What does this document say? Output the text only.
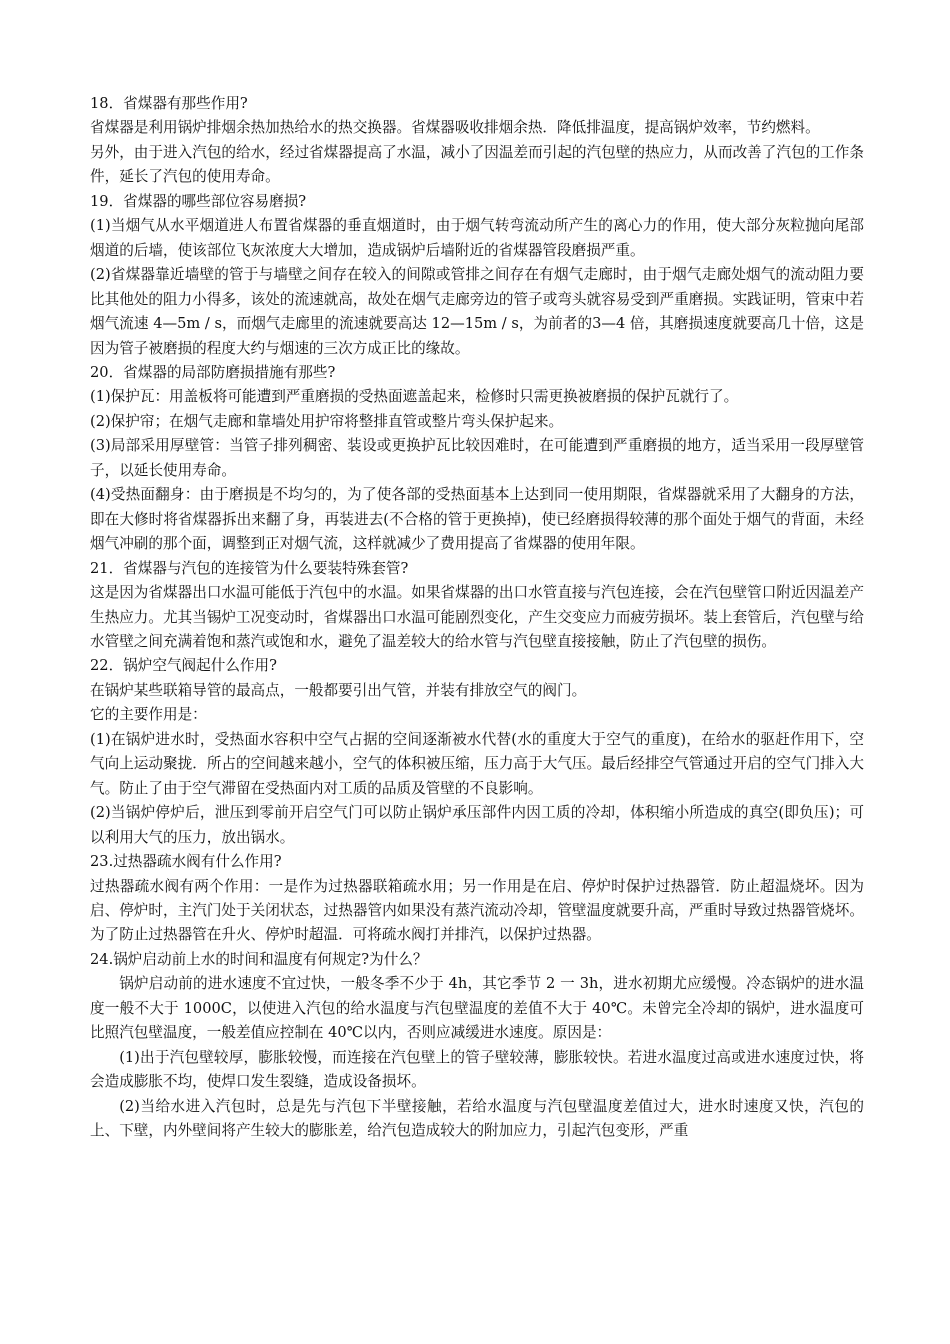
18．省煤器有那些作用?

省煤器是利用锅炉排烟余热加热给水的热交换器。省煤器吸收排烟余热．降低排温度，提高锅炉效率，节约燃料。

另外，由于进入汽包的给水，经过省煤器提高了水温，减小了因温差而引起的汽包壁的热应力，从而改善了汽包的工作条件，延长了汽包的使用寿命。

19．省煤器的哪些部位容易磨损?

(1)当烟气从水平烟道进人布置省煤器的垂直烟道时，由于烟气转弯流动所产生的离心力的作用，使大部分灰粒抛向尾部烟道的后墙，使该部位飞灰浓度大大增加，造成锅炉后墙附近的省煤器管段磨损严重。

(2)省煤器靠近墙壁的管于与墙壁之间存在较入的间隙或管排之间存在有烟气走廊时，由于烟气走廊处烟气的流动阻力要比其他处的阻力小得多，该处的流速就高，故处在烟气走廊旁边的管子或弯头就容易受到严重磨损。实践证明，管束中若烟气流速 4—5m / s，而烟气走廊里的流速就要高达 12—15m / s，为前者的3—4 倍，其磨损速度就要高几十倍，这是因为管子被磨损的程度大约与烟速的三次方成正比的缘故。

20．省煤器的局部防磨损措施有那些?

(1)保护瓦：用盖板将可能遭到严重磨损的受热面遮盖起来，检修时只需更换被磨损的保护瓦就行了。

(2)保护帘；在烟气走廊和靠墙处用护帘将整排直管或整片弯头保护起来。

(3)局部采用厚壁管：当管子排列稠密、装设或更换护瓦比较因难时，在可能遭到严重磨损的地方，适当采用一段厚壁管子，以延长使用寿命。

(4)受热面翻身：由于磨损是不均匀的，为了使各部的受热面基本上达到同一使用期限，省煤器就采用了大翻身的方法，即在大修时将省煤器拆出来翻了身，再装进去(不合格的管于更换掉)，使已经磨损得较薄的那个面处于烟气的背面，未经烟气冲刷的那个面，调整到正对烟气流，这样就减少了费用提高了省煤器的使用年限。

21．省煤器与汽包的连接管为什么要装特殊套管?

这是因为省煤器出口水温可能低于汽包中的水温。如果省煤器的出口水管直接与汽包连接，会在汽包壁管口附近因温差产生热应力。尤其当锡炉工况变动时，省煤器出口水温可能剧烈变化，产生交变应力而疲劳损坏。装上套管后，汽包壁与给水管壁之间充满着饱和蒸汽或饱和水，避免了温差较大的给水管与汽包壁直接接触，防止了汽包壁的损伤。

22．锅炉空气阀起什么作用?

在锅炉某些联箱导管的最高点，一般都要引出气管，并装有排放空气的阀门。

它的主要作用是：

(1)在锅炉进水时，受热面水容积中空气占据的空间逐渐被水代替(水的重度大于空气的重度)，在给水的驱赶作用下，空气向上运动聚拢．所占的空间越来越小，空气的体积被压缩，压力高于大气压。最后经排空气管通过开启的空气门排入大气。防止了由于空气滞留在受热面内对工质的品质及管壁的不良影响。

(2)当锅炉停炉后，泄压到零前开启空气门可以防止锅炉承压部件内因工质的冷却，体积缩小所造成的真空(即负压)；可以利用大气的压力，放出锅水。

23.过热器疏水阀有什么作用?

过热器疏水阀有两个作用：一是作为过热器联箱疏水用；另一作用是在启、停炉时保护过热器管．防止超温烧坏。因为启、停炉时，主汽门处于关闭状态，过热器管内如果没有蒸汽流动冷却，管壁温度就要升高，严重时导致过热器管烧坏。为了防止过热器管在升火、停炉时超温．可将疏水阀打并排汽，以保护过热器。

24.锅炉启动前上水的时间和温度有何规定?为什么？

锅炉启动前的进水速度不宜过快，一般冬季不少于 4h，其它季节 2 一 3h，进水初期尤应缓慢。冷态锅炉的进水温度一般不大于 1000C，以使进入汽包的给水温度与汽包壁温度的差值不大于 40℃。未曾完全冷却的锅炉，进水温度可比照汽包壁温度，一般差值应控制在 40℃以内，否则应减缓进水速度。原因是：

(1)出于汽包壁较厚，膨胀较慢，而连接在汽包壁上的管子壁较薄，膨胀较快。若进水温度过高或进水速度过快，将会造成膨胀不均，使焊口发生裂缝，造成设备损坏。

(2)当给水进入汽包时，总是先与汽包下半壁接触，若给水温度与汽包壁温度差值过大，进水时速度又快，汽包的上、下壁，内外壁间将产生较大的膨胀差，给汽包造成较大的附加应力，引起汽包变形，严重
